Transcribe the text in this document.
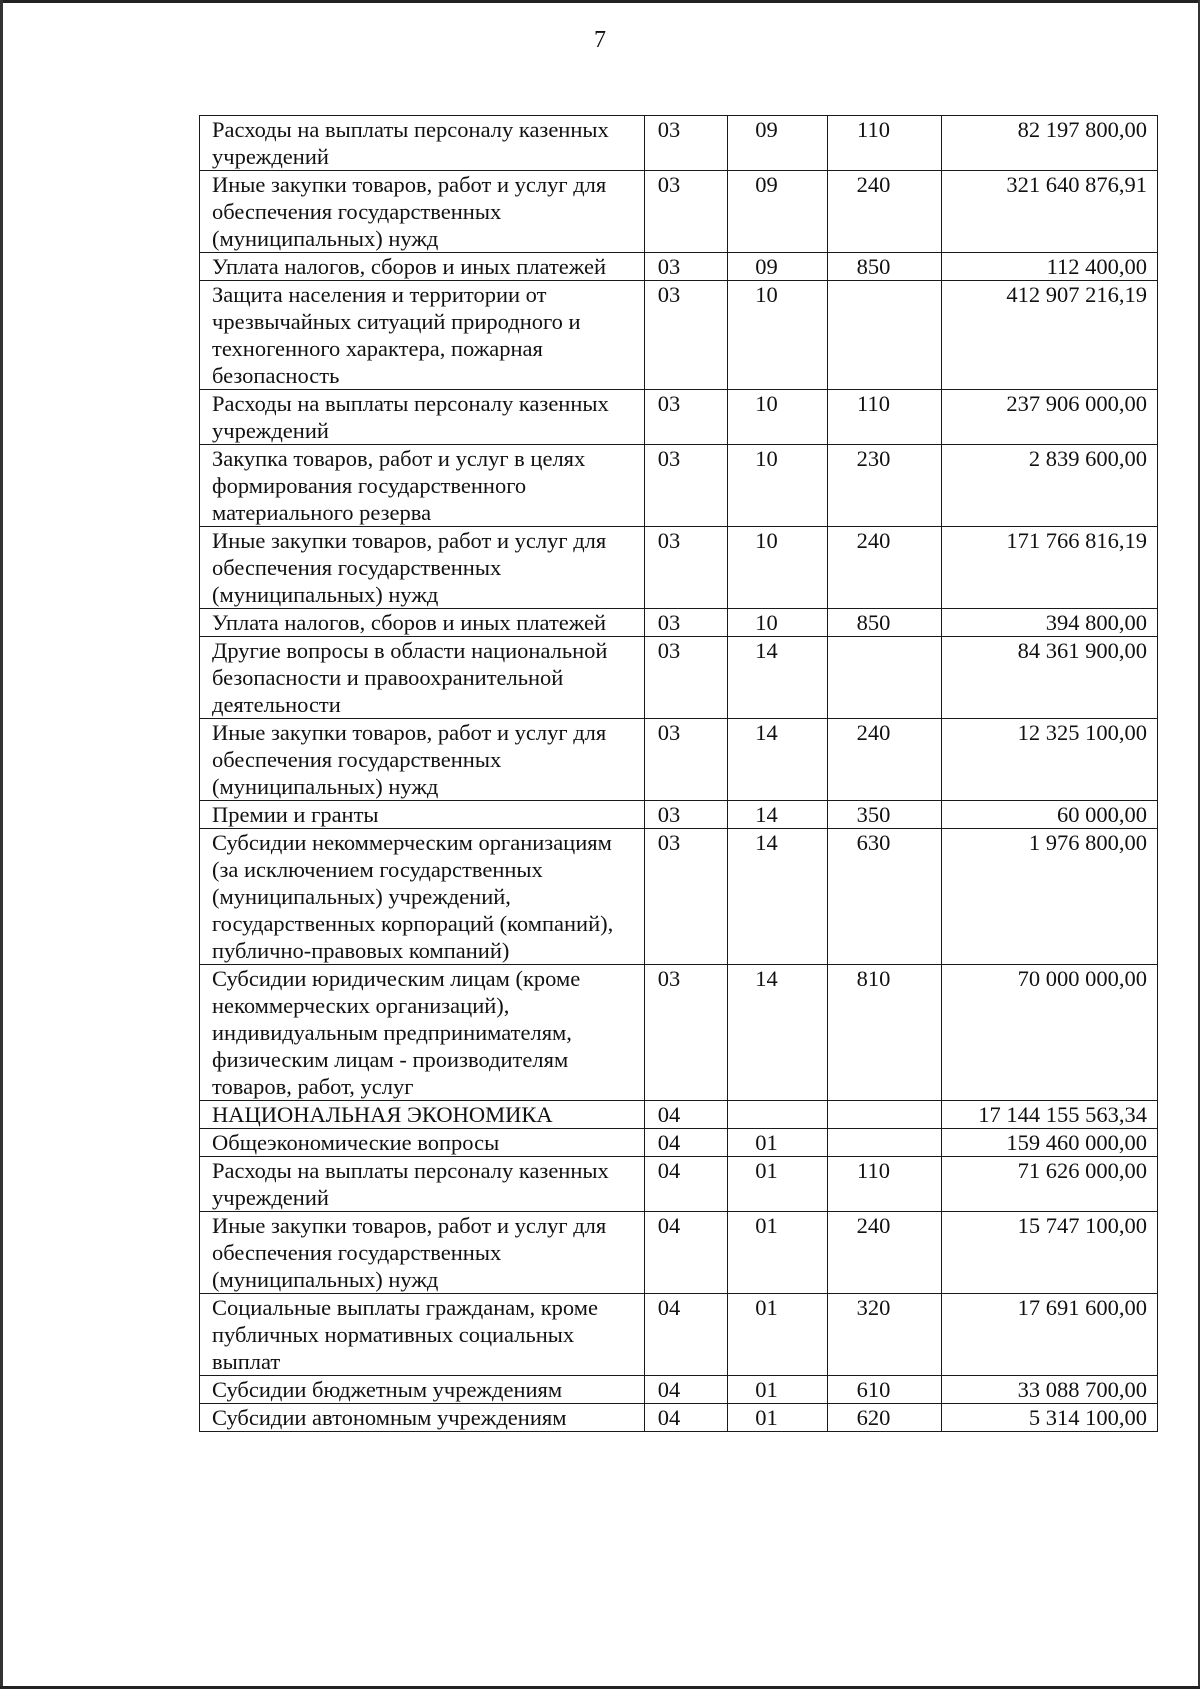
7
Расходы на выплаты персоналу казенных учреждений	03	09	110	82 197 800,00
Иные закупки товаров, работ и услуг для обеспечения государственных (муниципальных) нужд	03	09	240	321 640 876,91
Уплата налогов, сборов и иных платежей	03	09	850	112 400,00
Защита населения и территории от чрезвычайных ситуаций природного и техногенного характера, пожарная безопасность	03	10		412 907 216,19
Расходы на выплаты персоналу казенных учреждений	03	10	110	237 906 000,00
Закупка товаров, работ и услуг в целях формирования государственного материального резерва	03	10	230	2 839 600,00
Иные закупки товаров, работ и услуг для обеспечения государственных (муниципальных) нужд	03	10	240	171 766 816,19
Уплата налогов, сборов и иных платежей	03	10	850	394 800,00
Другие вопросы в области национальной безопасности и правоохранительной деятельности	03	14		84 361 900,00
Иные закупки товаров, работ и услуг для обеспечения государственных (муниципальных) нужд	03	14	240	12 325 100,00
Премии и гранты	03	14	350	60 000,00
Субсидии некоммерческим организациям (за исключением государственных (муниципальных) учреждений, государственных корпораций (компаний), публично-правовых компаний)	03	14	630	1 976 800,00
Субсидии юридическим лицам (кроме некоммерческих организаций), индивидуальным предпринимателям, физическим лицам - производителям товаров, работ, услуг	03	14	810	70 000 000,00
НАЦИОНАЛЬНАЯ ЭКОНОМИКА	04			17 144 155 563,34
Общеэкономические вопросы	04	01		159 460 000,00
Расходы на выплаты персоналу казенных учреждений	04	01	110	71 626 000,00
Иные закупки товаров, работ и услуг для обеспечения государственных (муниципальных) нужд	04	01	240	15 747 100,00
Социальные выплаты гражданам, кроме публичных нормативных социальных выплат	04	01	320	17 691 600,00
Субсидии бюджетным учреждениям	04	01	610	33 088 700,00
Субсидии автономным учреждениям	04	01	620	5 314 100,00
